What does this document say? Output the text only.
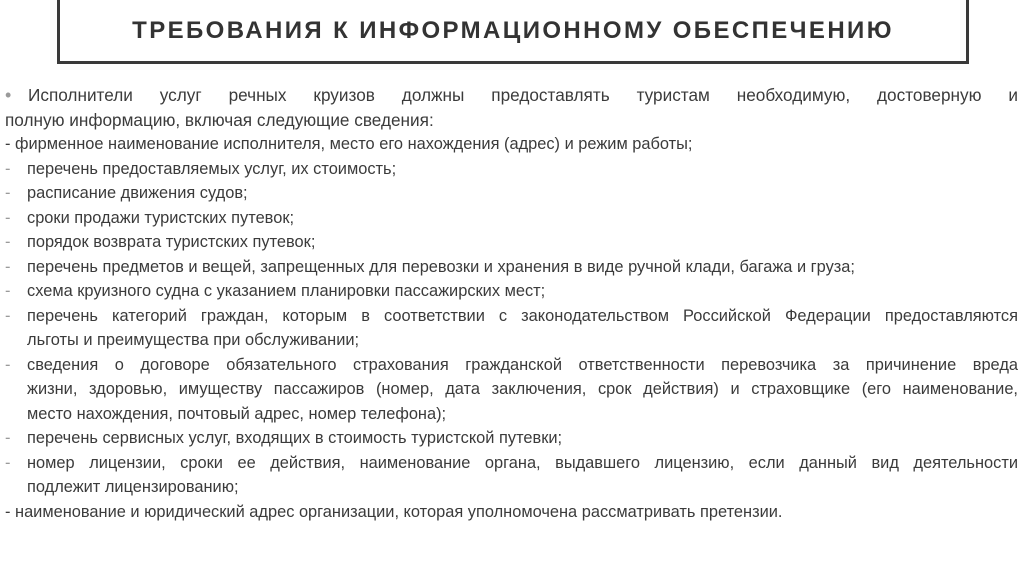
ТРЕБОВАНИЯ К ИНФОРМАЦИОННОМУ ОБЕСПЕЧЕНИЮ
• Исполнители услуг речных круизов должны предоставлять туристам необходимую, достоверную и
полную информацию, включая следующие сведения:
- фирменное наименование исполнителя, место его нахождения (адрес) и режим работы;
- перечень предоставляемых услуг, их стоимость;
- расписание движения судов;
- сроки продажи туристских путевок;
- порядок возврата туристских путевок;
- перечень предметов и вещей, запрещенных для перевозки и хранения в виде ручной клади, багажа и груза;
- схема круизного судна с указанием планировки пассажирских мест;
- перечень категорий граждан, которым в соответствии с законодательством Российской Федерации предоставляются
льготы и преимущества при обслуживании;
- сведения о договоре обязательного страхования гражданской ответственности перевозчика за причинение вреда
жизни, здоровью, имуществу пассажиров (номер, дата заключения, срок действия) и страховщике (его наименование,
место нахождения, почтовый адрес, номер телефона);
- перечень сервисных услуг, входящих в стоимость туристской путевки;
- номер лицензии, сроки ее действия, наименование органа, выдавшего лицензию, если данный вид деятельности
подлежит лицензированию;
- наименование и юридический адрес организации, которая уполномочена рассматривать претензии.
